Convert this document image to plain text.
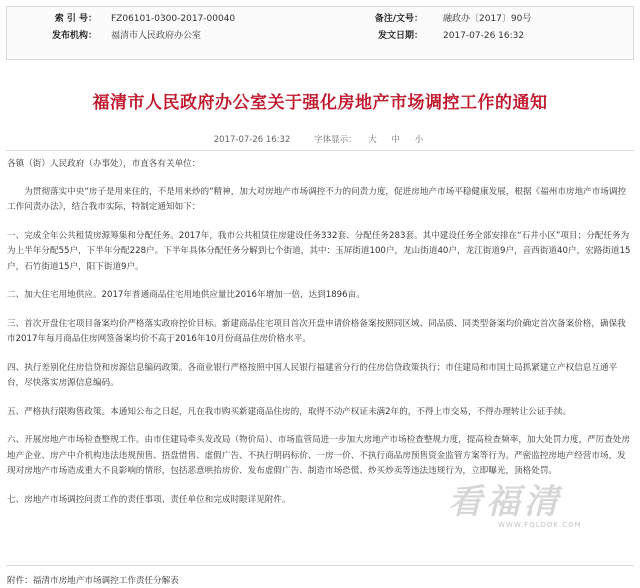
索 引 号： FZ06101-0300-2017-00040	备注/文号： 融政办〔2017〕90号
发布机构： 福清市人民政府办公室	发文日期： 2017-07-26 16:32
福清市人民政府办公室关于强化房地产市场调控工作的通知
2017-07-26 16:32	字体显示： 大 中 小

各镇（街）人民政府（办事处），市直各有关单位：

为贯彻落实中央“房子是用来住的，不是用来炒的”精神，加大对房地产市场调控不力的问责力度，促进房地产市场平稳健康发展，根据《福州市房地产市场调控工作问责办法》，结合我市实际，特制定通知如下：

一、完成全年公共租赁房源筹集和分配任务。2017年，我市公共租赁住房建设任务332套、分配任务283套。其中建设任务全部安排在“石井小区”项目；分配任务为为上半年分配55户，下半年分配228户。下半年具体分配任务分解到七个街道，其中：玉屏街道100户，龙山街道40户，龙江街道9户，音西街道40户，宏路街道15户，石竹街道15户，阳下街道9户。

二、加大住宅用地供应。2017年普通商品住宅用地供应量比2016年增加一倍，达到1896亩。

三、首次开盘住宅项目备案均价严格落实政府控价目标。新建商品住宅项目首次开盘申请价格备案按照同区域、同品质、同类型备案均价确定首次备案价格，确保我市2017年每月商品住房网签备案均价不高于2016年10月份商品住房价格水平。

四、执行差别化住房信贷和房源信息编码政策。各商业银行严格按照中国人民银行福建省分行的住房信贷政策执行；市住建局和市国土局抓紧建立产权信息互通平台，尽快落实房源信息编码。

五、严格执行限购售政策。本通知公布之日起，凡在我市购买新建商品住房的，取得不动产权证未满2年的，不得上市交易，不得办理转让公证手续。

六、开展房地产市场检查整规工作。由市住建局牵头发改局（物价局）、市场监管局进一步加大房地产市场检查整规力度，提高检查频率，加大处罚力度，严厉查处房地产企业、房产中介机构违法违规预售、捂盘惜售、虚假广告、不执行明码标价、一房一价、不执行商品房预售资金监管方案等行为。严密监控房地产经营市场，发现对房地产市场造成重大不良影响的情形，包括恶意哄抬房价、发布虚假广告、制造市场恐慌、炒买炒卖等违法违规行为，立即曝光，顶格处罚。

七、房地产市场调控问责工作的责任事项、责任单位和完成时限详见附件。

附件：福清市房地产市场调控工作责任分解表
看福清
WWW.FQLOOK.COM
